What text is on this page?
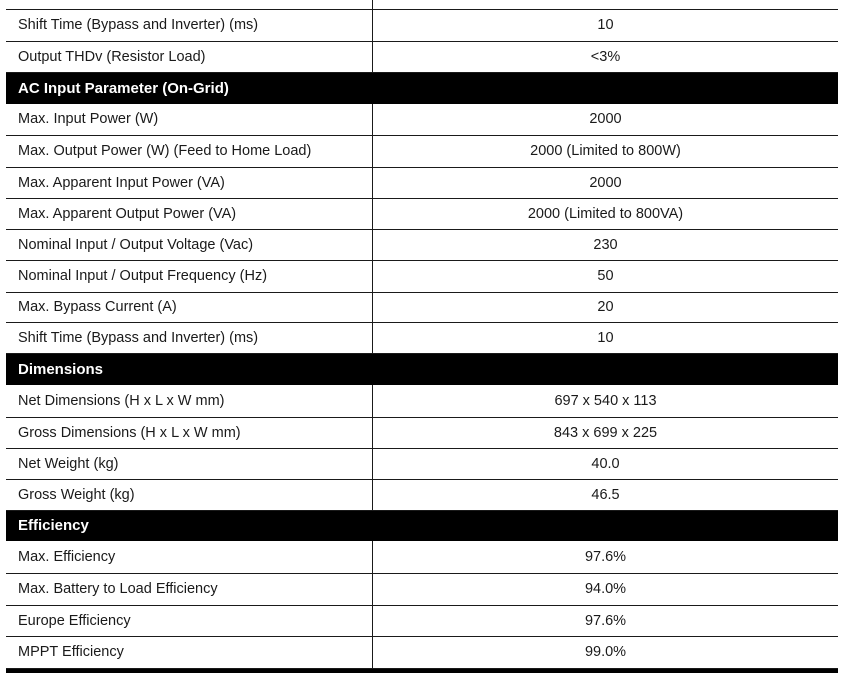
Shift Time (Bypass and Inverter) (ms)	10
Output THDv (Resistor Load)	<3%
AC Input Parameter (On-Grid)	
Max. Input Power (W)	2000
Max. Output Power (W) (Feed to Home Load)	2000 (Limited to 800W)
Max. Apparent Input Power (VA)	2000
Max. Apparent Output Power (VA)	2000 (Limited to 800VA)
Nominal Input / Output Voltage (Vac)	230
Nominal Input / Output Frequency (Hz)	50
Max. Bypass Current (A)	20
Shift Time (Bypass and Inverter) (ms)	10
Dimensions	
Net Dimensions (H x L x W mm)	697 x 540 x 113
Gross Dimensions (H x L x W mm)	843 x 699 x 225
Net Weight (kg)	40.0
Gross Weight (kg)	46.5
Efficiency	
Max. Efficiency	97.6%
Max. Battery to Load Efficiency	94.0%
Europe Efficiency	97.6%
MPPT Efficiency	99.0%
